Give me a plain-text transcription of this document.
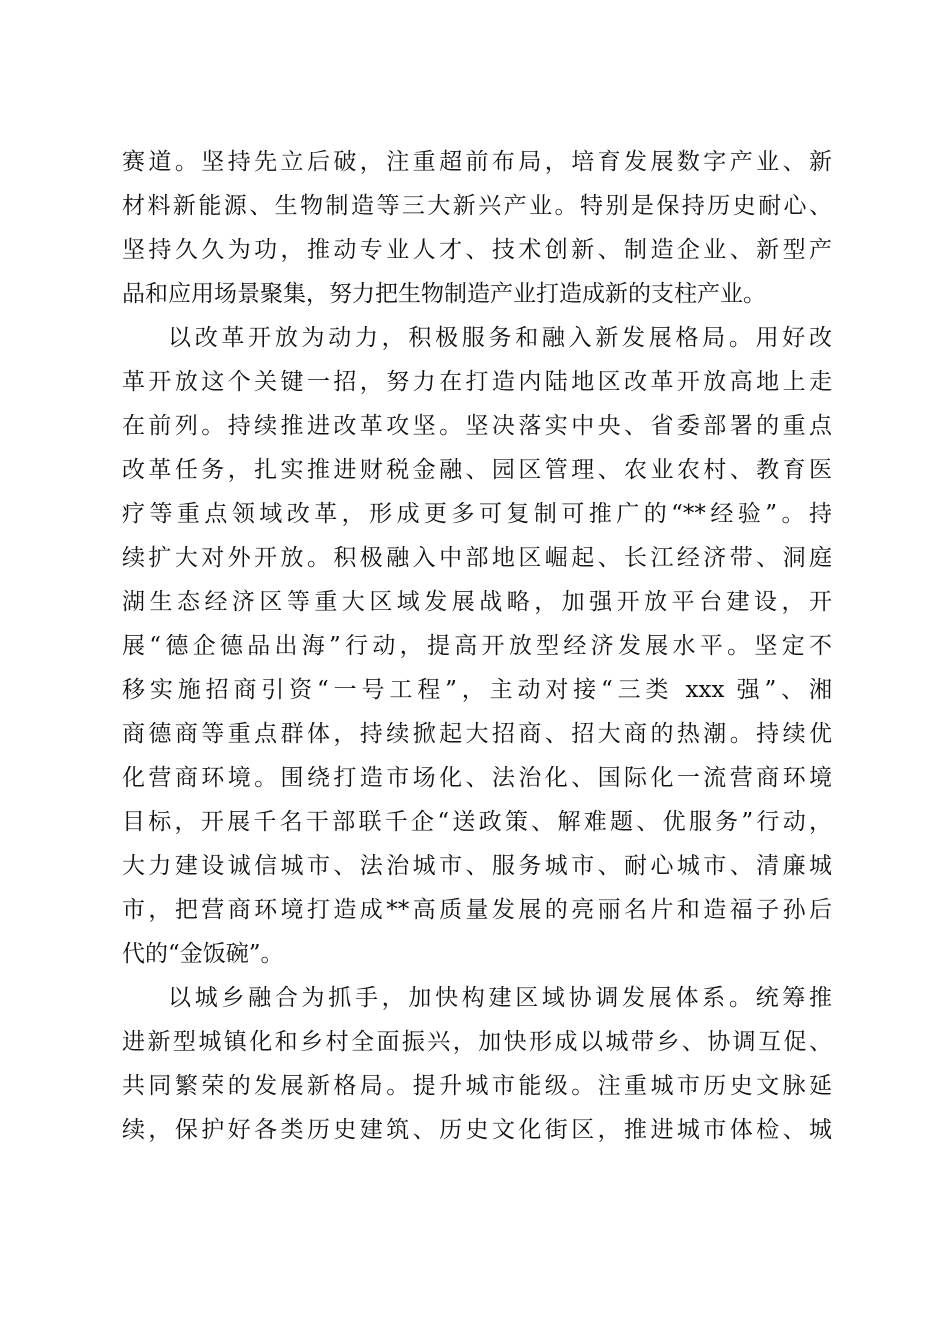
赛道。坚持先立后破，注重超前布局，培育发展数字产业、新
材料新能源、生物制造等三大新兴产业。特别是保持历史耐心、
坚持久久为功，推动专业人才、技术创新、制造企业、新型产
品和应用场景聚集，努力把生物制造产业打造成新的支柱产业。
以改革开放为动力，积极服务和融入新发展格局。用好改
革开放这个关键一招，努力在打造内陆地区改革开放高地上走
在前列。持续推进改革攻坚。坚决落实中央、省委部署的重点
改革任务，扎实推进财税金融、园区管理、农业农村、教育医
疗等重点领域改革，形成更多可复制可推广的“**经验”。持
续扩大对外开放。积极融入中部地区崛起、长江经济带、洞庭
湖生态经济区等重大区域发展战略，加强开放平台建设，开
展“德企德品出海”行动，提高开放型经济发展水平。坚定不
移实施招商引资“一号工程”，主动对接“三类 xxx 强”、湘
商德商等重点群体，持续掀起大招商、招大商的热潮。持续优
化营商环境。围绕打造市场化、法治化、国际化一流营商环境
目标，开展千名干部联千企“送政策、解难题、优服务”行动，
大力建设诚信城市、法治城市、服务城市、耐心城市、清廉城
市，把营商环境打造成**高质量发展的亮丽名片和造福子孙后
代的“金饭碗”。
以城乡融合为抓手，加快构建区域协调发展体系。统筹推
进新型城镇化和乡村全面振兴，加快形成以城带乡、协调互促、
共同繁荣的发展新格局。提升城市能级。注重城市历史文脉延
续，保护好各类历史建筑、历史文化街区，推进城市体检、城
